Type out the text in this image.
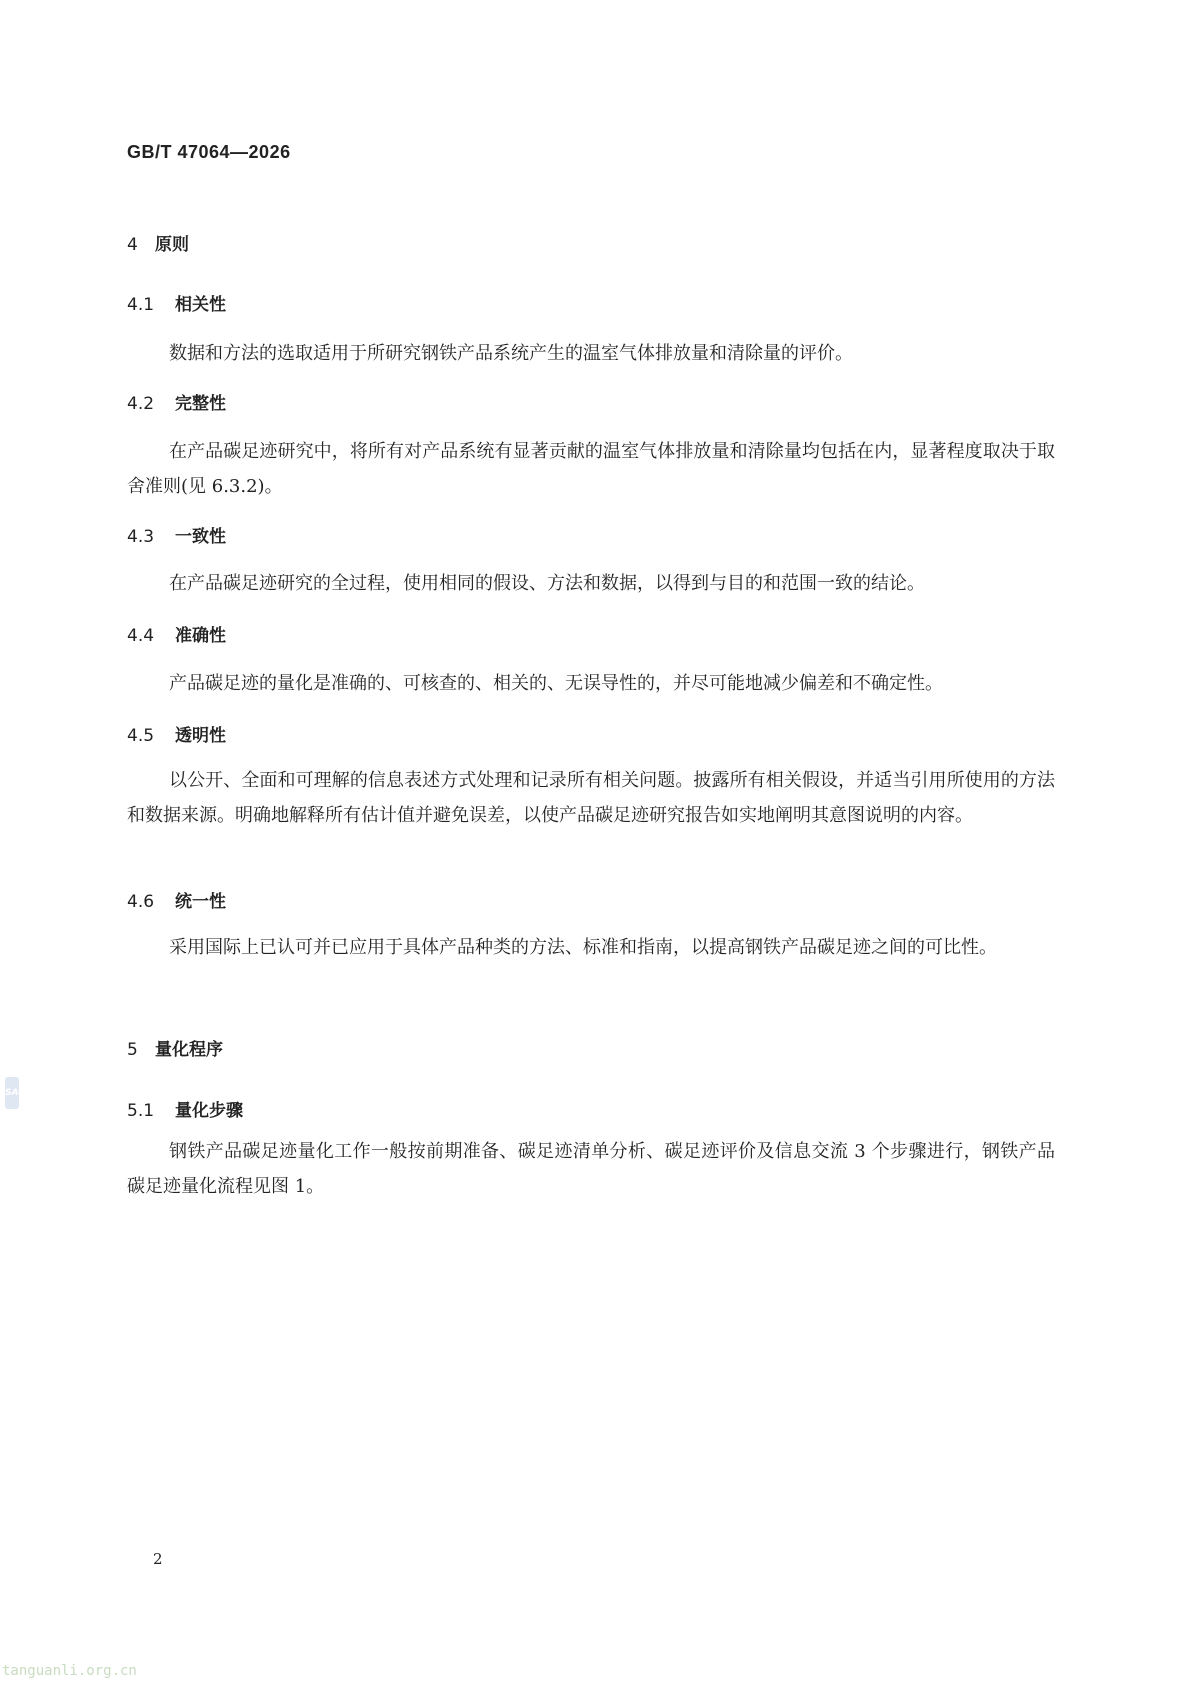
GB/T 47064—2026
4 原则
4.1 相关性
数据和方法的选取适用于所研究钢铁产品系统产生的温室气体排放量和清除量的评价。
4.2 完整性
在产品碳足迹研究中，将所有对产品系统有显著贡献的温室气体排放量和清除量均包括在内，显著程度取决于取舍准则(见 6.3.2)。
4.3 一致性
在产品碳足迹研究的全过程，使用相同的假设、方法和数据，以得到与目的和范围一致的结论。
4.4 准确性
产品碳足迹的量化是准确的、可核查的、相关的、无误导性的，并尽可能地减少偏差和不确定性。
4.5 透明性
以公开、全面和可理解的信息表述方式处理和记录所有相关问题。披露所有相关假设，并适当引用所使用的方法和数据来源。明确地解释所有估计值并避免误差，以使产品碳足迹研究报告如实地阐明其意图说明的内容。
4.6 统一性
采用国际上已认可并已应用于具体产品种类的方法、标准和指南，以提高钢铁产品碳足迹之间的可比性。
5 量化程序
SAC
5.1 量化步骤
钢铁产品碳足迹量化工作一般按前期准备、碳足迹清单分析、碳足迹评价及信息交流 3 个步骤进行，钢铁产品碳足迹量化流程见图 1。
2
tanguanli.org.cn
